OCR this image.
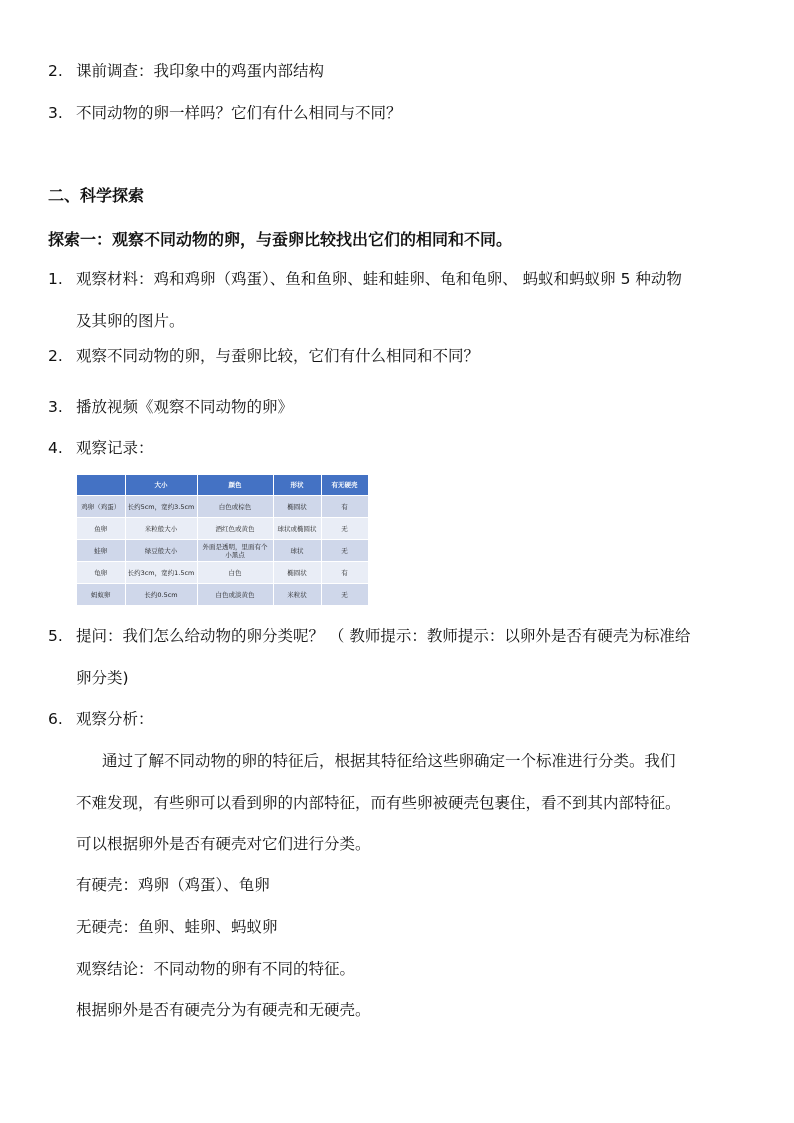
2. 课前调查：我印象中的鸡蛋内部结构
3. 不同动物的卵一样吗？它们有什么相同与不同？
二、科学探索
探索一：观察不同动物的卵，与蚕卵比较找出它们的相同和不同。
1. 观察材料：鸡和鸡卵（鸡蛋）、鱼和鱼卵、蛙和蛙卵、龟和龟卵、 蚂蚁和蚂蚁卵 5 种动物
及其卵的图片。
2. 观察不同动物的卵，与蚕卵比较，它们有什么相同和不同？
3. 播放视频《观察不同动物的卵》
4. 观察记录：
	大小	颜色	形状	有无硬壳
鸡卵（鸡蛋）	长约5cm，宽约3.5cm	白色或棕色	椭圆状	有
鱼卵	米粒般大小	酒红色或黄色	球状或椭圆状	无
蛙卵	绿豆般大小	外面是透明，里面有个小黑点	球状	无
龟卵	长约3cm，宽约1.5cm	白色	椭圆状	有
蚂蚁卵	长约0.5cm	白色或淡黄色	米粒状	无
5. 提问：我们怎么给动物的卵分类呢？ （ 教师提示：教师提示：以卵外是否有硬壳为标准给
卵分类)
6. 观察分析：
通过了解不同动物的卵的特征后，根据其特征给这些卵确定一个标准进行分类。我们
不难发现，有些卵可以看到卵的内部特征，而有些卵被硬壳包裹住，看不到其内部特征。
可以根据卵外是否有硬壳对它们进行分类。
有硬壳：鸡卵（鸡蛋）、龟卵
无硬壳：鱼卵、蛙卵、蚂蚁卵
观察结论：不同动物的卵有不同的特征。
根据卵外是否有硬壳分为有硬壳和无硬壳。
